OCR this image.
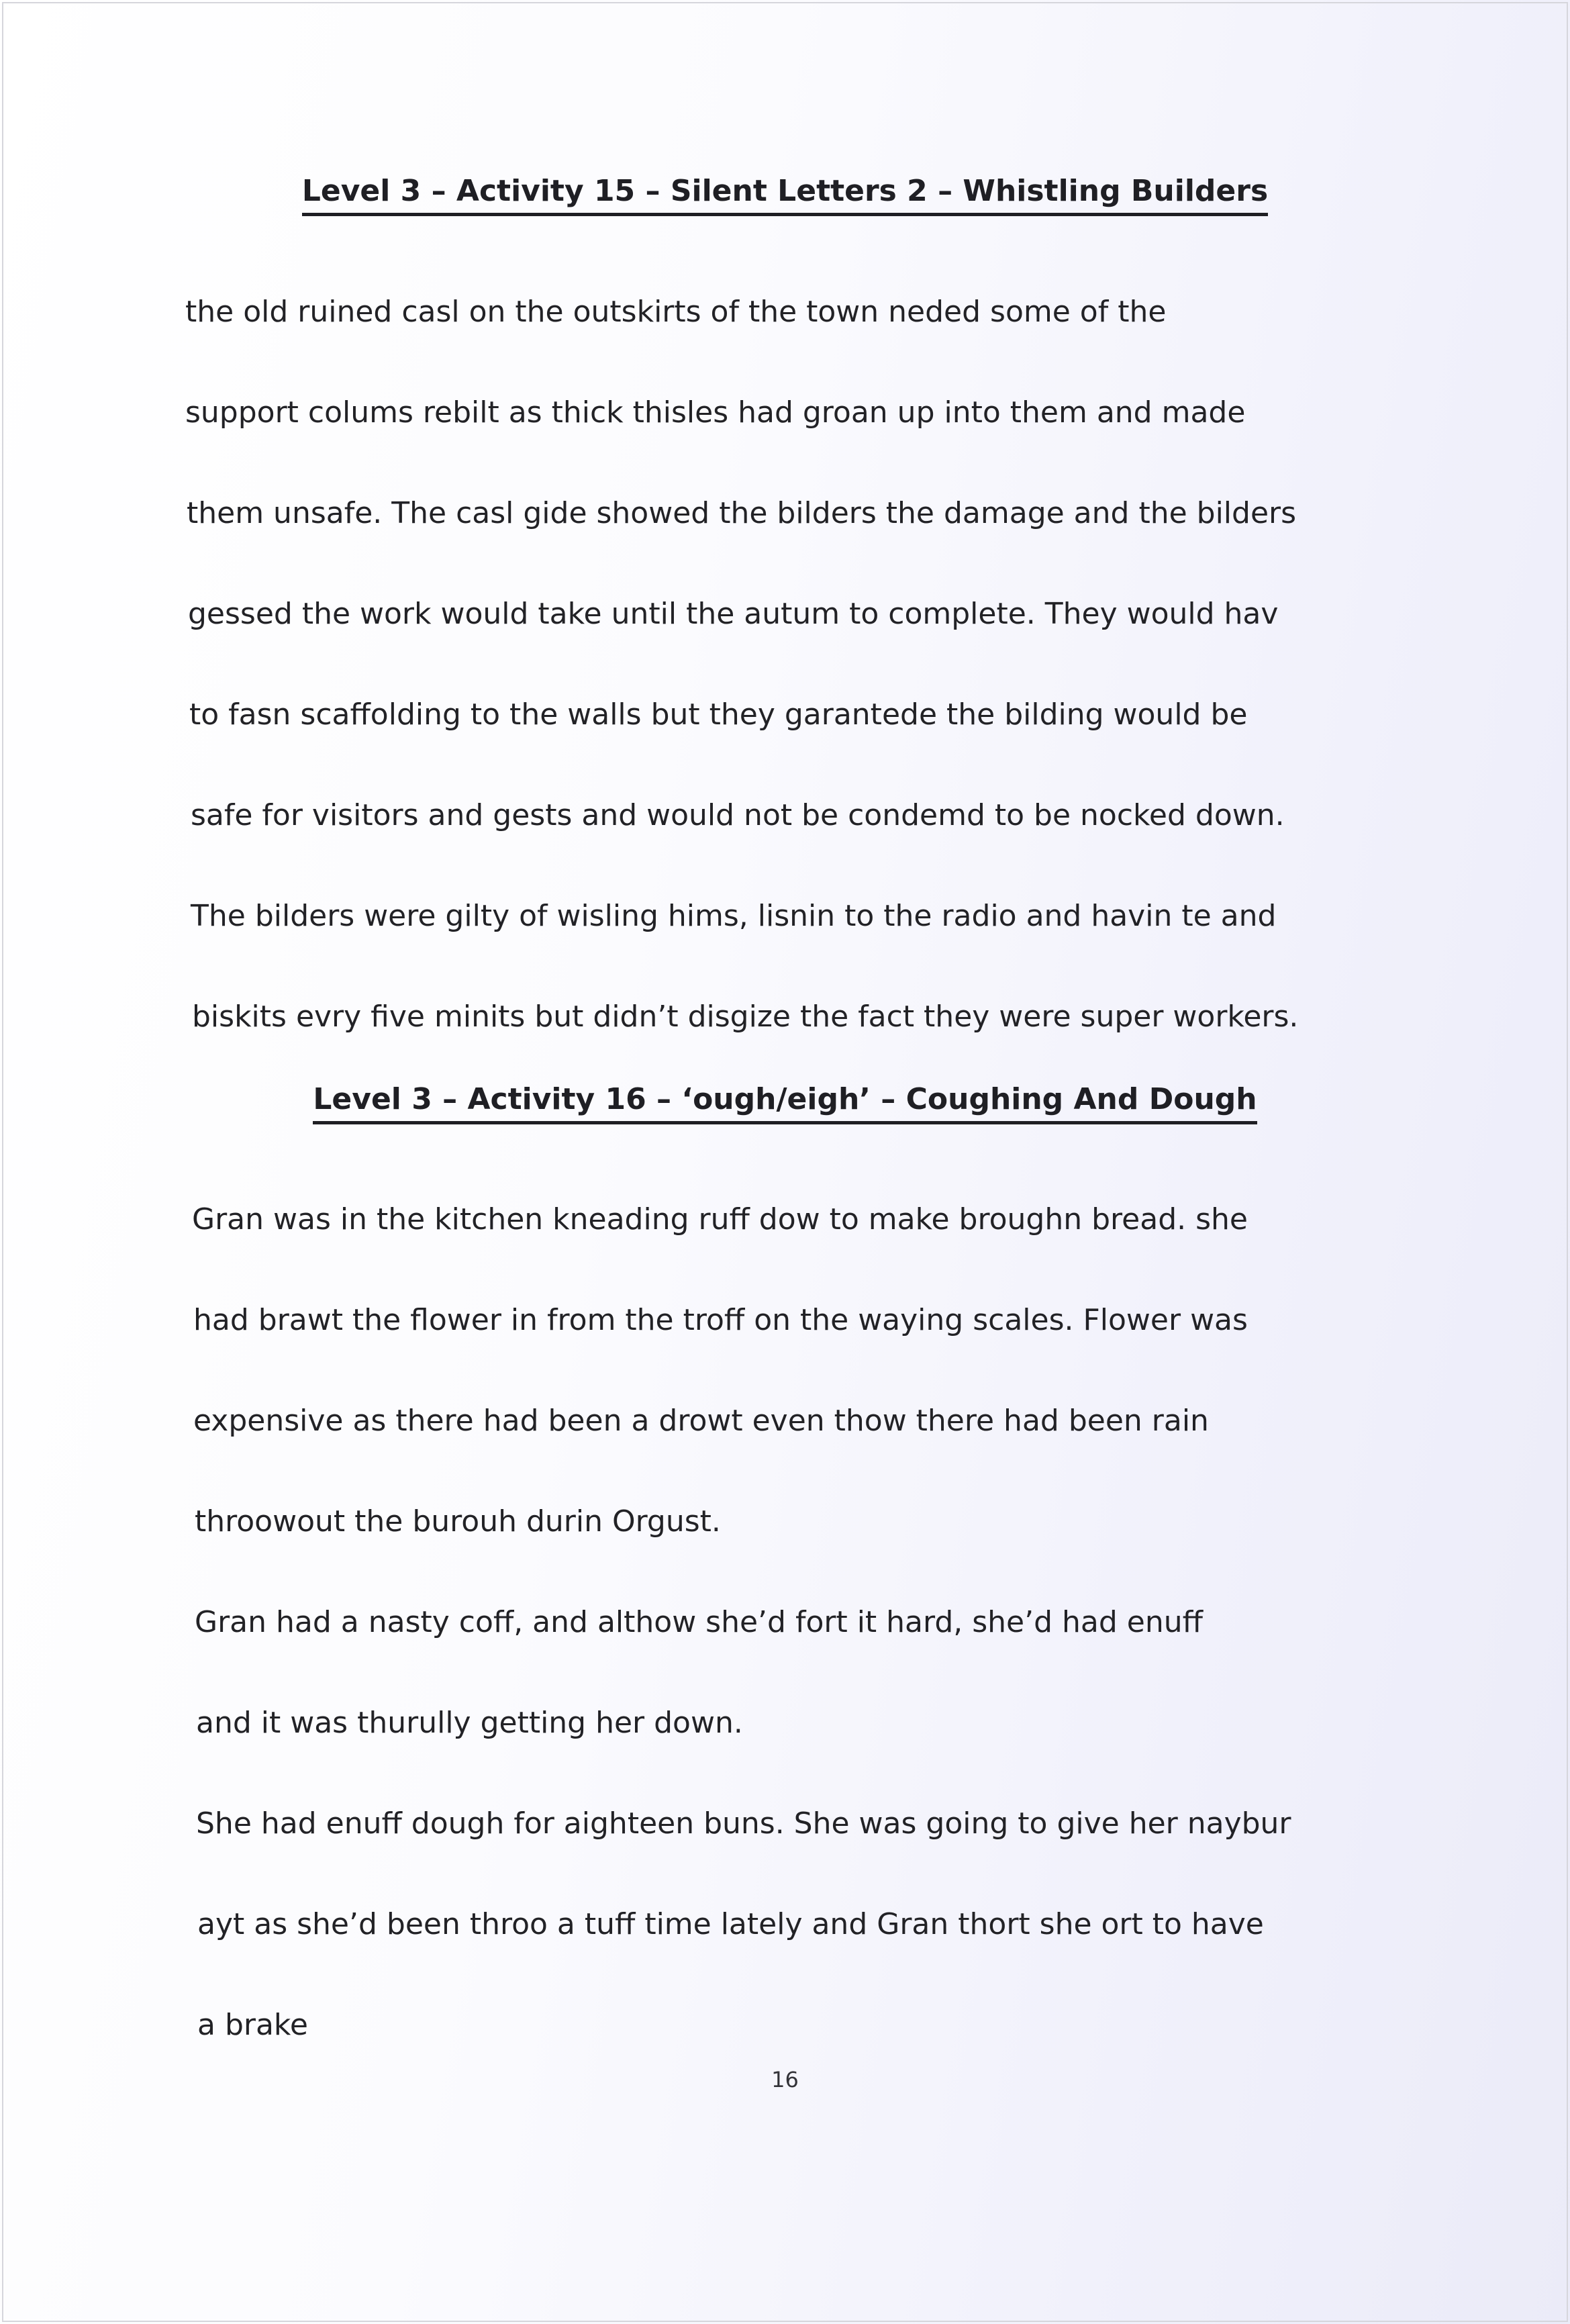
Level 3 – Activity 15 – Silent Letters 2 – Whistling Builders

the old ruined casl on the outskirts of the town neded some of the

support colums rebilt as thick thisles had groan up into them and made

them unsafe. The casl gide showed the bilders the damage and the bilders

gessed the work would take until the autum to complete. They would hav

to fasn scaffolding to the walls but they garantede the bilding would be

safe for visitors and gests and would not be condemd to be nocked down.

The bilders were gilty of wisling hims, lisnin to the radio and havin te and

biskits evry five minits but didn’t disgize the fact they were super workers.

Level 3 – Activity 16 – ‘ough/eigh’ – Coughing And Dough

Gran was in the kitchen kneading ruff dow to make broughn bread. she

had brawt the flower in from the troff on the waying scales. Flower was

expensive as there had been a drowt even thow there had been rain

throowout the burouh durin Orgust.

Gran had a nasty coff, and althow she’d fort it hard, she’d had enuff

and it was thurully getting her down.

She had enuff dough for aighteen buns. She was going to give her naybur

ayt as she’d been throo a tuff time lately and Gran thort she ort to have

a brake

16
